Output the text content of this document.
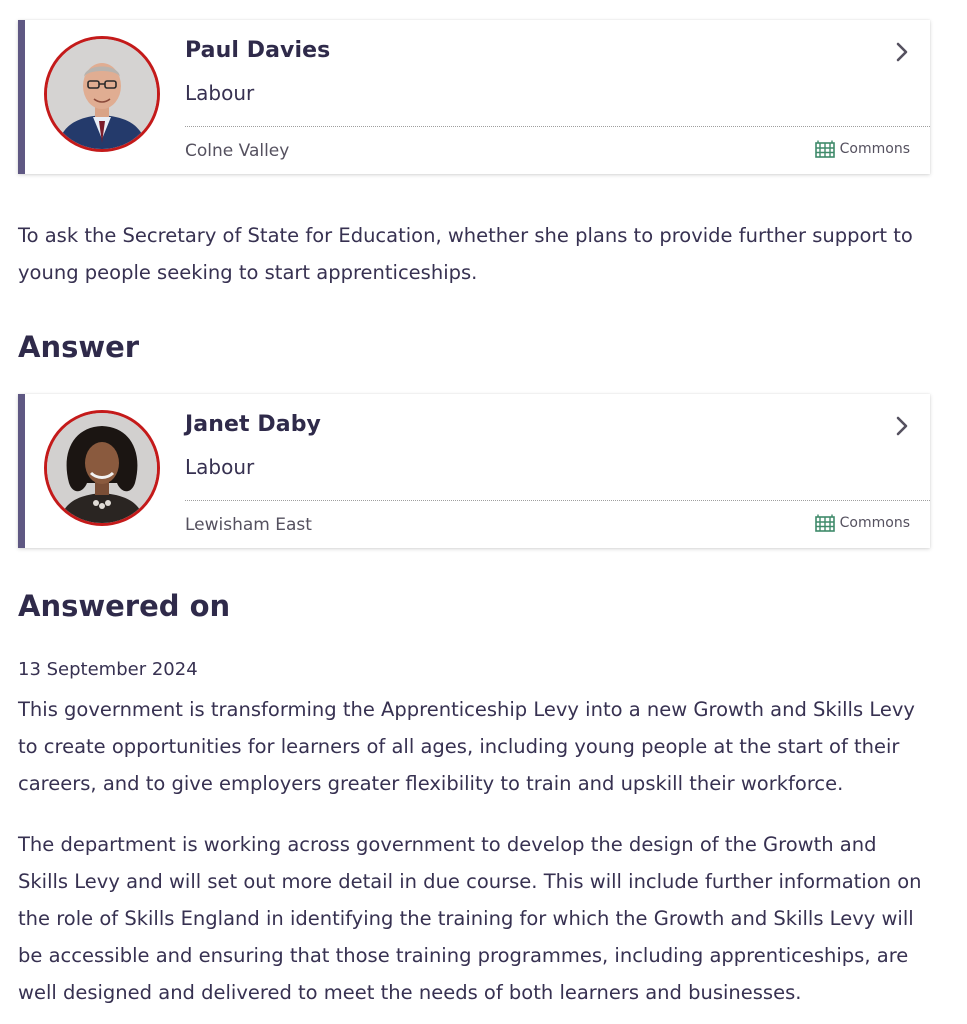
Paul Davies
Labour
Colne Valley	Commons

To ask the Secretary of State for Education, whether she plans to provide further support to young people seeking to start apprenticeships.

Answer
Janet Daby
Labour
Lewisham East	Commons
Answered on
13 September 2024

This government is transforming the Apprenticeship Levy into a new Growth and Skills Levy to create opportunities for learners of all ages, including young people at the start of their careers, and to give employers greater flexibility to train and upskill their workforce.

The department is working across government to develop the design of the Growth and Skills Levy and will set out more detail in due course. This will include further information on the role of Skills England in identifying the training for which the Growth and Skills Levy will be accessible and ensuring that those training programmes, including apprenticeships, are well designed and delivered to meet the needs of both learners and businesses.
